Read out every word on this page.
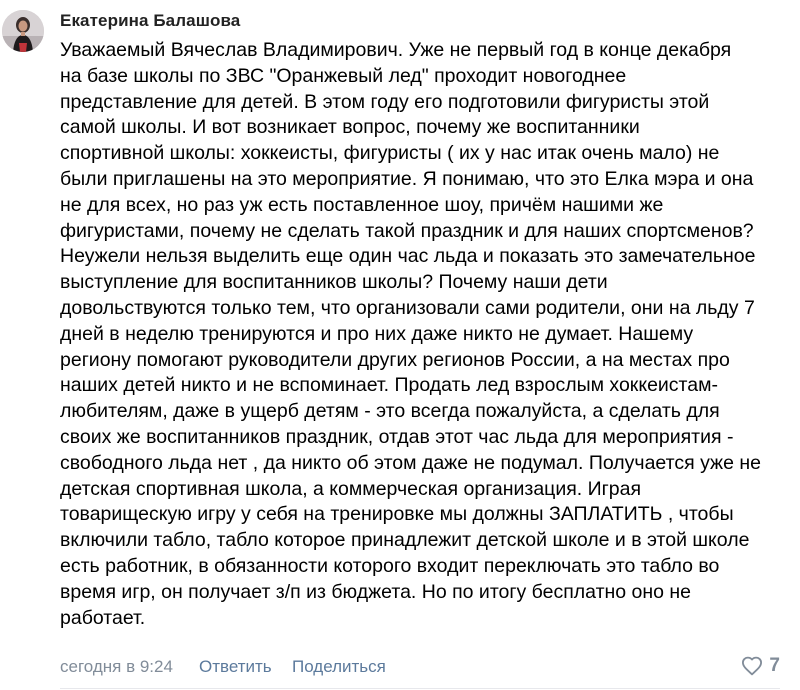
Екатерина Балашова
Уважаемый Вячеслав Владимирович. Уже не первый год в конце декабря
на базе школы по ЗВС "Оранжевый лед" проходит новогоднее
представление для детей. В этом году его подготовили фигуристы этой
самой школы. И вот возникает вопрос, почему же воспитанники
спортивной школы: хоккеисты, фигуристы ( их у нас итак очень мало) не
были приглашены на это мероприятие. Я понимаю, что это Елка мэра и она
не для всех, но раз уж есть поставленное шоу, причём нашими же
фигуристами, почему не сделать такой праздник и для наших спортсменов?
Неужели нельзя выделить еще один час льда и показать это замечательное
выступление для воспитанников школы? Почему наши дети
довольствуются только тем, что организовали сами родители, они на льду 7
дней в неделю тренируются и про них даже никто не думает. Нашему
региону помогают руководители других регионов России, а на местах про
наших детей никто и не вспоминает. Продать лед взрослым хоккеистам-
любителям, даже в ущерб детям - это всегда пожалуйста, а сделать для
своих же воспитанников праздник, отдав этот час льда для мероприятия -
свободного льда нет , да никто об этом даже не подумал. Получается уже не
детская спортивная школа, а коммерческая организация. Играя
товарищескую игру у себя на тренировке мы должны ЗАПЛАТИТЬ , чтобы
включили табло, табло которое принадлежит детской школе и в этой школе
есть работник, в обязанности которого входит переключать это табло во
время игр, он получает з/п из бюджета. Но по итогу бесплатно оно не
работает.
сегодня в 9:24 Ответить Поделиться	7
